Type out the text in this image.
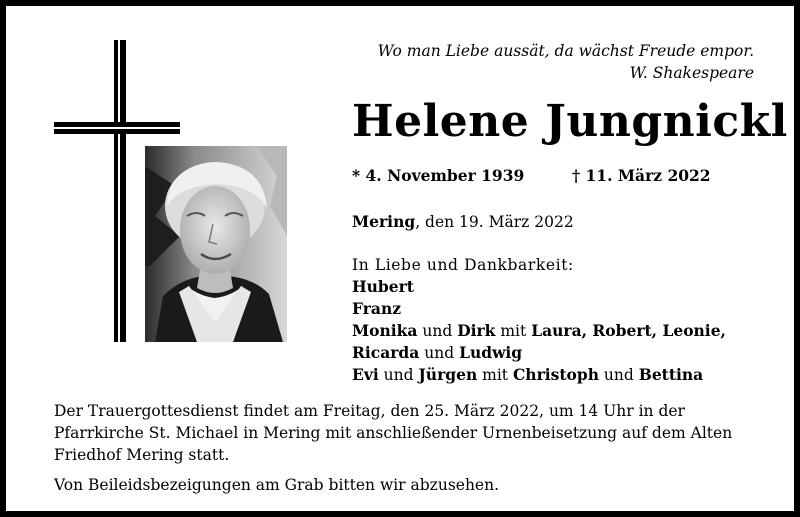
Wo man Liebe aussät, da wächst Freude empor.
W. Shakespeare
Helene Jungnickl
* 4. November 1939	† 11. März 2022
Mering, den 19. März 2022
In Liebe und Dankbarkeit:
Hubert
Franz
Monika und Dirk mit Laura, Robert, Leonie,
Ricarda und Ludwig
Evi und Jürgen mit Christoph und Bettina

Der Trauergottesdienst findet am Freitag, den 25. März 2022, um 14 Uhr in der Pfarrkirche St. Michael in Mering mit anschließender Urnenbeisetzung auf dem Alten Friedhof Mering statt.

Von Beileidsbezeigungen am Grab bitten wir abzusehen.
